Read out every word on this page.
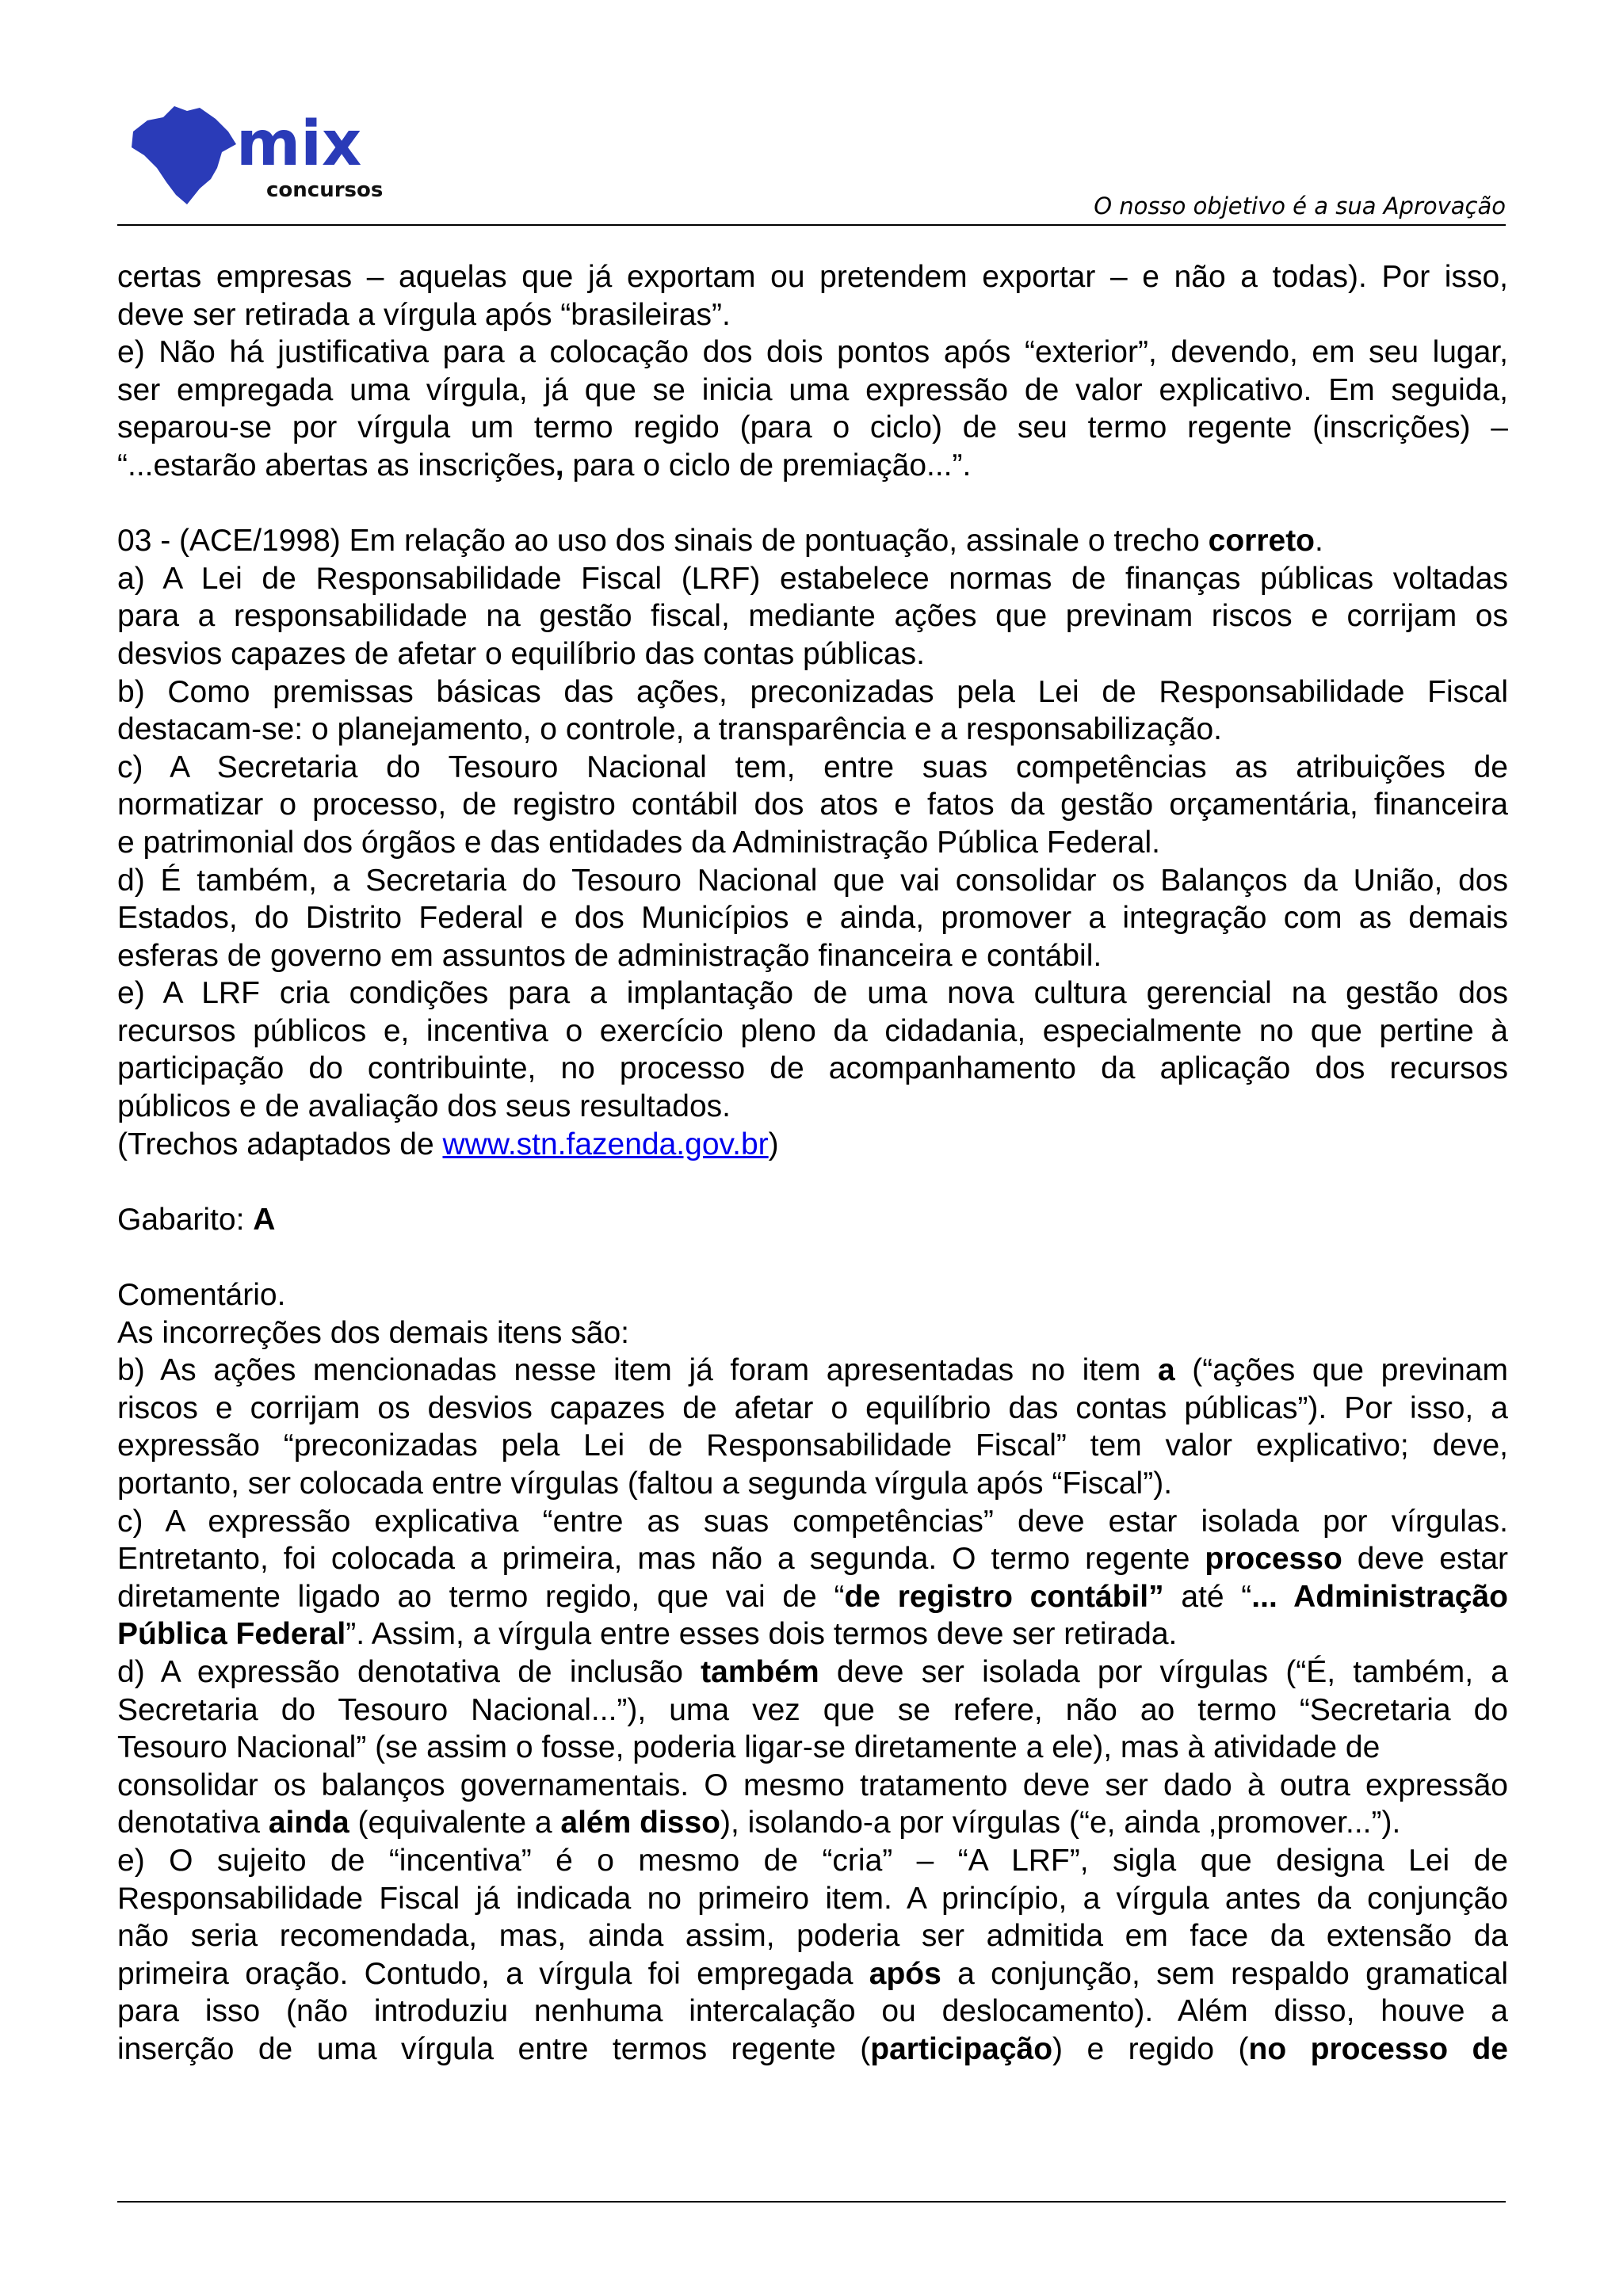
mix
concursos
O nosso objetivo é a sua Aprovação

certas empresas – aquelas que já exportam ou pretendem exportar – e não a todas). Por isso,

deve ser retirada a vírgula após “brasileiras”.

e) Não há justificativa para a colocação dos dois pontos após “exterior”, devendo, em seu lugar,

ser empregada uma vírgula, já que se inicia uma expressão de valor explicativo. Em seguida,

separou-se por vírgula um termo regido (para o ciclo) de seu termo regente (inscrições) –

“...estarão abertas as inscrições, para o ciclo de premiação...”.

03 - (ACE/1998) Em relação ao uso dos sinais de pontuação, assinale o trecho correto.

a) A Lei de Responsabilidade Fiscal (LRF) estabelece normas de finanças públicas voltadas

para a responsabilidade na gestão fiscal, mediante ações que previnam riscos e corrijam os

desvios capazes de afetar o equilíbrio das contas públicas.

b) Como premissas básicas das ações, preconizadas pela Lei de Responsabilidade Fiscal

destacam-se: o planejamento, o controle, a transparência e a responsabilização.

c) A Secretaria do Tesouro Nacional tem, entre suas competências as atribuições de

normatizar o processo, de registro contábil dos atos e fatos da gestão orçamentária, financeira

e patrimonial dos órgãos e das entidades da Administração Pública Federal.

d) É também, a Secretaria do Tesouro Nacional que vai consolidar os Balanços da União, dos

Estados, do Distrito Federal e dos Municípios e ainda, promover a integração com as demais

esferas de governo em assuntos de administração financeira e contábil.

e) A LRF cria condições para a implantação de uma nova cultura gerencial na gestão dos

recursos públicos e, incentiva o exercício pleno da cidadania, especialmente no que pertine à

participação do contribuinte, no processo de acompanhamento da aplicação dos recursos

públicos e de avaliação dos seus resultados.

(Trechos adaptados de www.stn.fazenda.gov.br)

Gabarito: A

Comentário.

As incorreções dos demais itens são:

b) As ações mencionadas nesse item já foram apresentadas no item a (“ações que previnam

riscos e corrijam os desvios capazes de afetar o equilíbrio das contas públicas”). Por isso, a

expressão “preconizadas pela Lei de Responsabilidade Fiscal” tem valor explicativo; deve,

portanto, ser colocada entre vírgulas (faltou a segunda vírgula após “Fiscal”).

c) A expressão explicativa “entre as suas competências” deve estar isolada por vírgulas.

Entretanto, foi colocada a primeira, mas não a segunda. O termo regente processo deve estar

diretamente ligado ao termo regido, que vai de “de registro contábil” até “... Administração

Pública Federal”. Assim, a vírgula entre esses dois termos deve ser retirada.

d) A expressão denotativa de inclusão também deve ser isolada por vírgulas (“É, também, a

Secretaria do Tesouro Nacional...”), uma vez que se refere, não ao termo “Secretaria do

Tesouro Nacional” (se assim o fosse, poderia ligar-se diretamente a ele), mas à atividade de

consolidar os balanços governamentais. O mesmo tratamento deve ser dado à outra expressão

denotativa ainda (equivalente a além disso), isolando-a por vírgulas (“e, ainda ,promover...”).

e) O sujeito de “incentiva” é o mesmo de “cria” – “A LRF”, sigla que designa Lei de

Responsabilidade Fiscal já indicada no primeiro item. A princípio, a vírgula antes da conjunção

não seria recomendada, mas, ainda assim, poderia ser admitida em face da extensão da

primeira oração. Contudo, a vírgula foi empregada após a conjunção, sem respaldo gramatical

para isso (não introduziu nenhuma intercalação ou deslocamento). Além disso, houve a

inserção de uma vírgula entre termos regente (participação) e regido (no processo de
